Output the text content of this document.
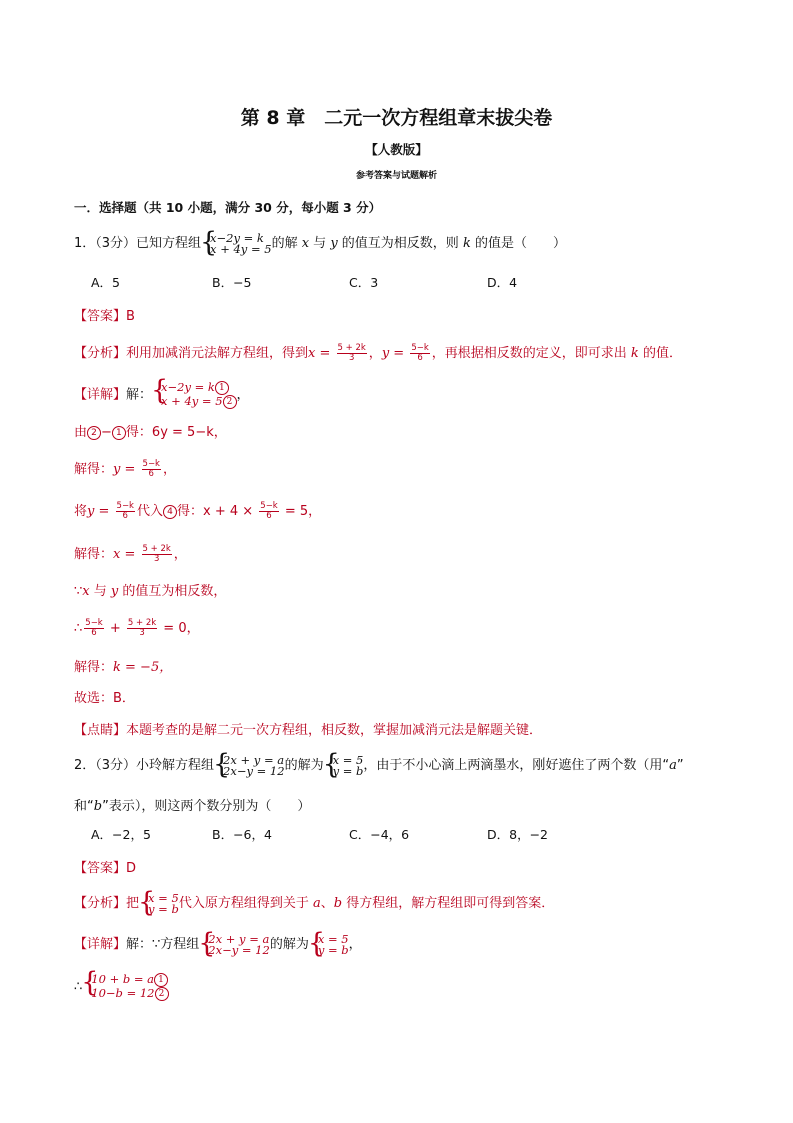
第 8 章　二元一次方程组章末拔尖卷
【人教版】
参考答案与试题解析
一．选择题（共 10 小题，满分 30 分，每小题 3 分）
1．（3分）已知方程组 { x−2y = k
x + 4y = 5 的解 x 与 y 的值互为相反数，则 k 的值是（　　）
A．5	B．−5	C．3	D．4
【答案】B
【分析】利用加减消元法解方程组，得到$x = \frac{5 + 2k}{3}$ ，$y = \frac{5-k}{6}$ ，再根据相反数的定义，即可求出 k 的值．
【详解】解：
{ x−2y = k 1
x + 4y = 5 2 ，
由 2 − 1 得：6y = 5−k，
解得：$y = \frac{5-k}{6}$ ，
将$y = \frac{5-k}{6}$ 代入 4 得：$x + 4 \times \frac{5-k}{6} = 5$，
解得：$x = \frac{5 + 2k}{3}$ ，
∵x 与 y 的值互为相反数，
∴ $\frac{5-k}{6} + \frac{5 + 2k}{3} = 0$，
解得：k = −5，
故选：B．
【点睛】本题考查的是解二元一次方程组，相反数，掌握加减消元法是解题关键．
2．（3分）小玲解方程组 { 2x + y = a
2x−y = 12 的解为 { x = 5
y = b ，由于不小心滴上两滴墨水，刚好遮住了两个数（用“a”
和“b”表示），则这两个数分别为（　　）
A．−2，5	B．−6，4	C．−4，6	D．8，−2
【答案】D
【分析】把 { x = 5
y = b 代入原方程组得到关于 a、b 得方程组，解方程组即可得到答案．
【详解】解：∵方程组 { 2x + y = a
2x−y = 12 的解为 { x = 5
y = b ，
∴
{ 10 + b = a 1
10−b = 12 2
